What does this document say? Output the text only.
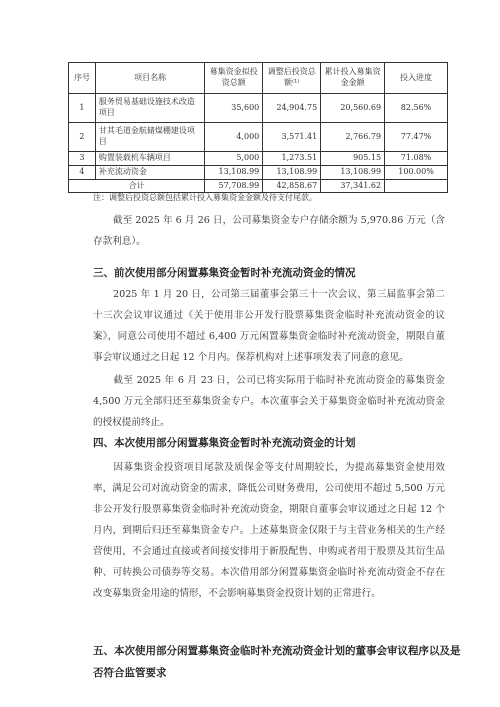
序号	项目名称	募集资金拟投资总额	调整后投资总额⁽¹⁾	累计投入募集资金金额	投入进度
1	服务贸易基础设施技术改造项目	35,600	24,904.75	20,560.69	82.56%
2	甘其毛道金航储煤棚建设项目	4,000	3,571.41	2,766.79	77.47%
3	购置装载机车辆项目	5,000	1,273.51	905.15	71.08%
4	补充流动资金	13,108.99	13,108.99	13,108.99	100.00%
合计		57,708.99	42,858.67	37,341.62	
注：调整后投资总额包括累计投入募集资金金额及待支付尾款。

截至 2025 年 6 月 26 日，公司募集资金专户存储余额为 5,970.86 万元（含存款利息）。

三、前次使用部分闲置募集资金暂时补充流动资金的情况

2025 年 1 月 20 日，公司第三届董事会第三十一次会议、第三届监事会第二十三次会议审议通过《关于使用非公开发行股票募集资金临时补充流动资金的议案》，同意公司使用不超过 6,400 万元闲置募集资金临时补充流动资金，期限自董事会审议通过之日起 12 个月内。保荐机构对上述事项发表了同意的意见。

截至 2025 年 6 月 23 日，公司已将实际用于临时补充流动资金的募集资金 4,500 万元全部归还至募集资金专户。本次董事会关于募集资金临时补充流动资金的授权提前终止。

四、本次使用部分闲置募集资金暂时补充流动资金的计划

因募集资金投资项目尾款及质保金等支付周期较长，为提高募集资金使用效率，满足公司对流动资金的需求，降低公司财务费用，公司使用不超过 5,500 万元非公开发行股票募集资金临时补充流动资金，期限自董事会审议通过之日起 12 个月内，到期后归还至募集资金专户。上述募集资金仅限于与主营业务相关的生产经营使用，不会通过直接或者间接安排用于新股配售、申购或者用于股票及其衍生品种、可转换公司债券等交易。本次借用部分闲置募集资金临时补充流动资金不存在改变募集资金用途的情形，不会影响募集资金投资计划的正常进行。

五、本次使用部分闲置募集资金临时补充流动资金计划的董事会审议程序以及是否符合监管要求
